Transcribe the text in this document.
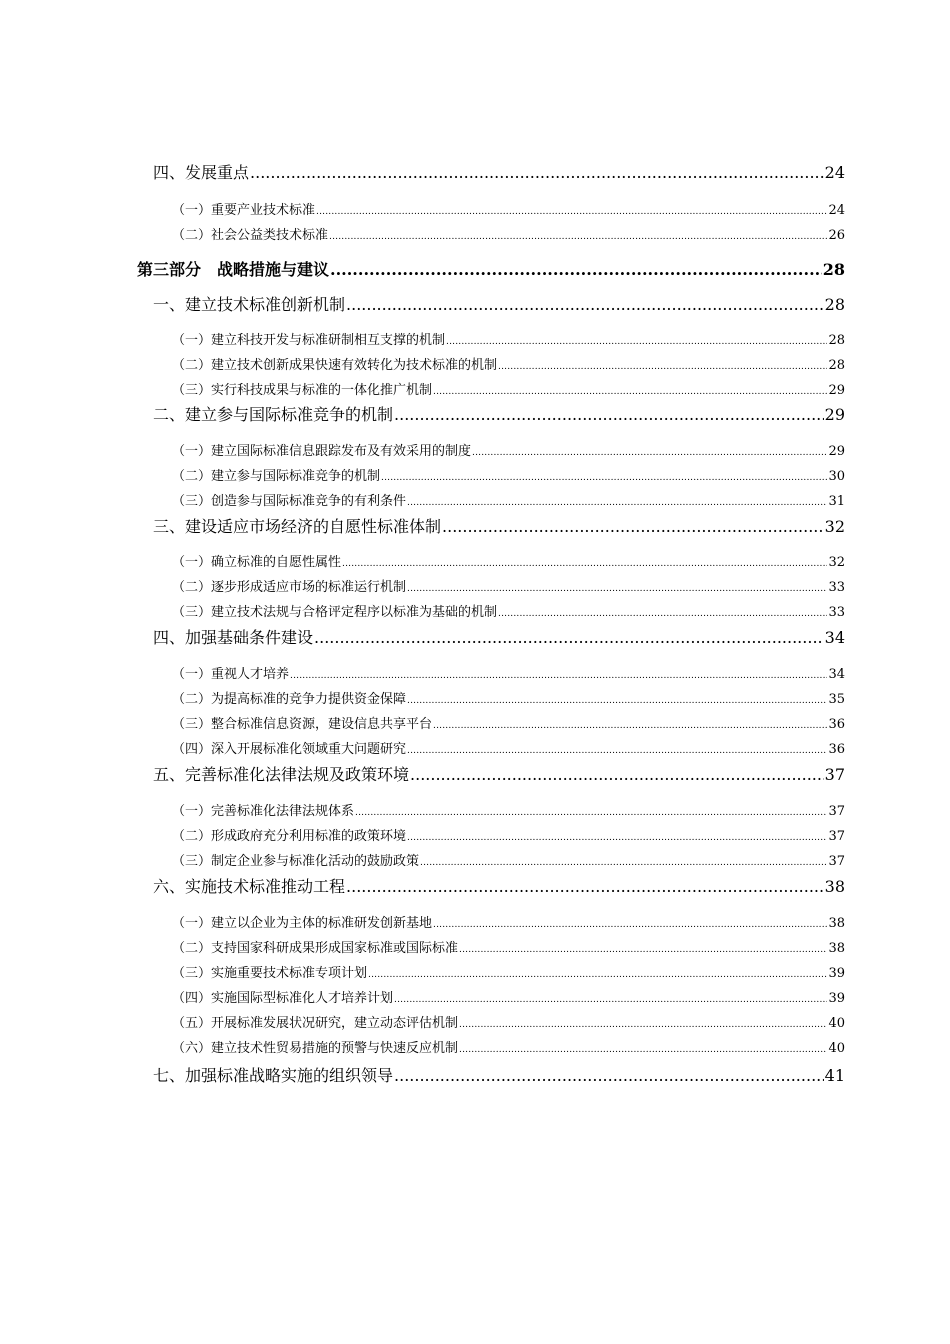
四、发展重点 .....	24
（一）重要产业技术标准 .....	24
（二）社会公益类技术标准 .....	26
第三部分　战略措施与建议 .....	28
一、建立技术标准创新机制 .....	28
（一）建立科技开发与标准研制相互支撑的机制 .....	28
（二）建立技术创新成果快速有效转化为技术标准的机制 .....	28
（三）实行科技成果与标准的一体化推广机制 .....	29
二、建立参与国际标准竞争的机制 .....	29
（一）建立国际标准信息跟踪发布及有效采用的制度 .....	29
（二）建立参与国际标准竞争的机制 .....	30
（三）创造参与国际标准竞争的有利条件 .....	31
三、建设适应市场经济的自愿性标准体制 .....	32
（一）确立标准的自愿性属性 .....	32
（二）逐步形成适应市场的标准运行机制 .....	33
（三）建立技术法规与合格评定程序以标准为基础的机制 .....	33
四、加强基础条件建设 .....	34
（一）重视人才培养 .....	34
（二）为提高标准的竞争力提供资金保障 .....	35
（三）整合标准信息资源，建设信息共享平台 .....	36
（四）深入开展标准化领域重大问题研究 .....	36
五、完善标准化法律法规及政策环境 .....	37
（一）完善标准化法律法规体系 .....	37
（二）形成政府充分利用标准的政策环境 .....	37
（三）制定企业参与标准化活动的鼓励政策 .....	37
六、实施技术标准推动工程 .....	38
（一）建立以企业为主体的标准研发创新基地 .....	38
（二）支持国家科研成果形成国家标准或国际标准 .....	38
（三）实施重要技术标准专项计划 .....	39
（四）实施国际型标准化人才培养计划 .....	39
（五）开展标准发展状况研究，建立动态评估机制 .....	40
（六）建立技术性贸易措施的预警与快速反应机制 .....	40
七、加强标准战略实施的组织领导 .....	41
